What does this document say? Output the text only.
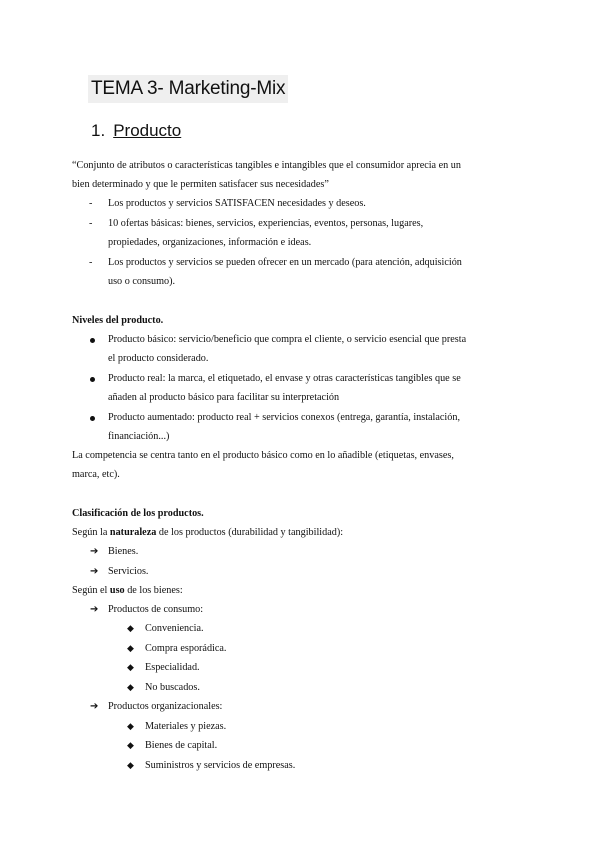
TEMA 3- Marketing-Mix
1. Producto
“Conjunto de atributos o características tangibles e intangibles que el consumidor aprecia en un
bien determinado y que le permiten satisfacer sus necesidades”
- Los productos y servicios SATISFACEN necesidades y deseos.
- 10 ofertas básicas: bienes, servicios, experiencias, eventos, personas, lugares,
propiedades, organizaciones, información e ideas.
- Los productos y servicios se pueden ofrecer en un mercado (para atención, adquisición
uso o consumo).
Niveles del producto.
Producto básico: servicio/beneficio que compra el cliente, o servicio esencial que presta
el producto considerado.
Producto real: la marca, el etiquetado, el envase y otras características tangibles que se
añaden al producto básico para facilitar su interpretación
Producto aumentado: producto real + servicios conexos (entrega, garantía, instalación,
financiación...)
La competencia se centra tanto en el producto básico como en lo añadible (etiquetas, envases,
marca, etc).
Clasificación de los productos.
Según la naturaleza de los productos (durabilidad y tangibilidad):
➔ Bienes.
➔ Servicios.
Según el uso de los bienes:
➔ Productos de consumo:
◆ Conveniencia.
◆ Compra esporádica.
◆ Especialidad.
◆ No buscados.
➔ Productos organizacionales:
◆ Materiales y piezas.
◆ Bienes de capital.
◆ Suministros y servicios de empresas.
